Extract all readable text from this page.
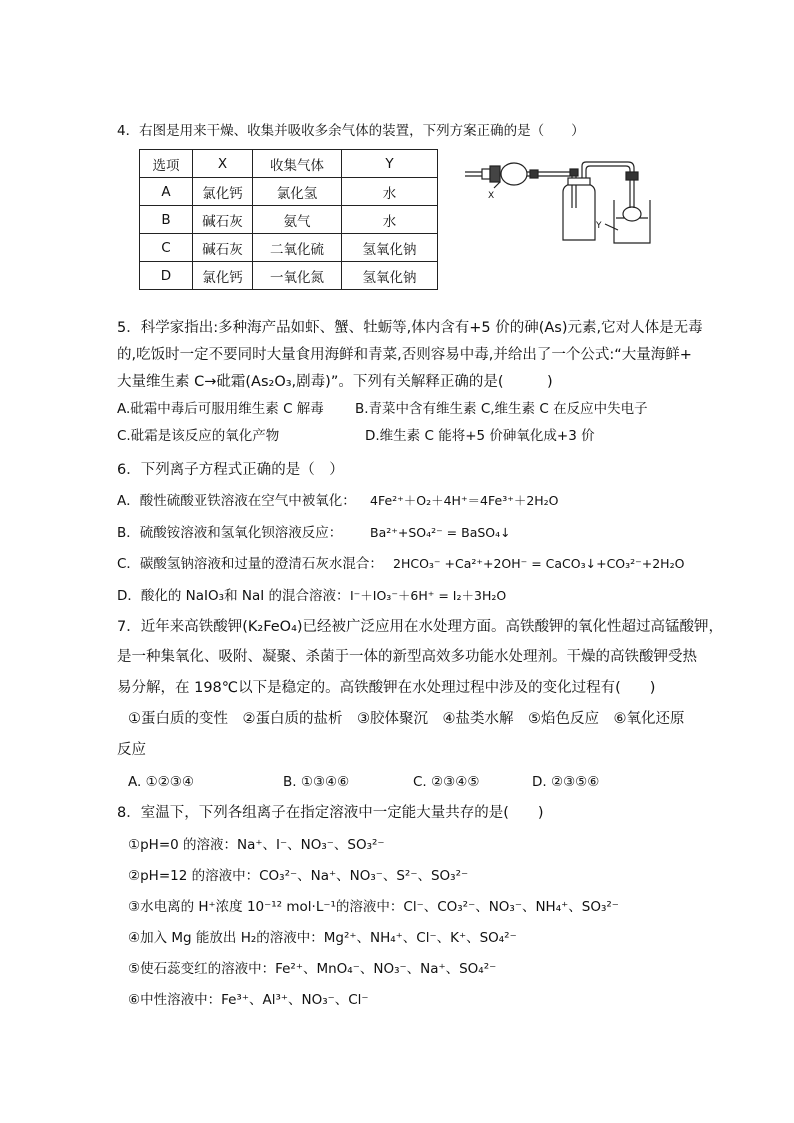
4．右图是用来干燥、收集并吸收多余气体的装置，下列方案正确的是（　　）
选项	X	收集气体	Y
A	氯化钙	氯化氢	水
B	碱石灰	氨气	水
C	碱石灰	二氧化硫	氢氧化钠
D	氯化钙	一氧化氮	氢氧化钠
X
Y
5．科学家指出:多种海产品如虾、蟹、牡蛎等,体内含有+5 价的砷(As)元素,它对人体是无毒
的,吃饭时一定不要同时大量食用海鲜和青菜,否则容易中毒,并给出了一个公式:“大量海鲜+
大量维生素 C→砒霜(As₂O₃,剧毒)”。下列有关解释正确的是(　　　)
A.砒霜中毒后可服用维生素 C 解毒 B.青菜中含有维生素 C,维生素 C 在反应中失电子
C.砒霜是该反应的氧化产物	D.维生素 C 能将+5 价砷氧化成+3 价
6．下列离子方程式正确的是（　）
A．酸性硫酸亚铁溶液在空气中被氧化： 4Fe²⁺＋O₂＋4H⁺＝4Fe³⁺＋2H₂O
B．硫酸铵溶液和氢氧化钡溶液反应： Ba²⁺+SO₄²⁻ = BaSO₄↓
C．碳酸氢钠溶液和过量的澄清石灰水混合： 2HCO₃⁻ +Ca²⁺+2OH⁻ = CaCO₃↓+CO₃²⁻+2H₂O
D．酸化的 NaIO₃和 NaI 的混合溶液： I⁻＋IO₃⁻＋6H⁺ = I₂＋3H₂O
7．近年来高铁酸钾(K₂FeO₄)已经被广泛应用在水处理方面。高铁酸钾的氧化性超过高锰酸钾，
是一种集氧化、吸附、凝聚、杀菌于一体的新型高效多功能水处理剂。干燥的高铁酸钾受热
易分解，在 198℃以下是稳定的。高铁酸钾在水处理过程中涉及的变化过程有(　　)
①蛋白质的变性　②蛋白质的盐析　③胶体聚沉　④盐类水解　⑤焰色反应　⑥氧化还原
反应
A. ①②③④	B. ①③④⑥	C. ②③④⑤	D. ②③⑤⑥
8．室温下，下列各组离子在指定溶液中一定能大量共存的是(　　)
①pH=0 的溶液：Na⁺、I⁻、NO₃⁻、SO₃²⁻
②pH=12 的溶液中：CO₃²⁻、Na⁺、NO₃⁻、S²⁻、SO₃²⁻
③水电离的 H⁺浓度 10⁻¹² mol·L⁻¹的溶液中：Cl⁻、CO₃²⁻、NO₃⁻、NH₄⁺、SO₃²⁻
④加入 Mg 能放出 H₂的溶液中：Mg²⁺、NH₄⁺、Cl⁻、K⁺、SO₄²⁻
⑤使石蕊变红的溶液中：Fe²⁺、MnO₄⁻、NO₃⁻、Na⁺、SO₄²⁻
⑥中性溶液中：Fe³⁺、Al³⁺、NO₃⁻、Cl⁻
